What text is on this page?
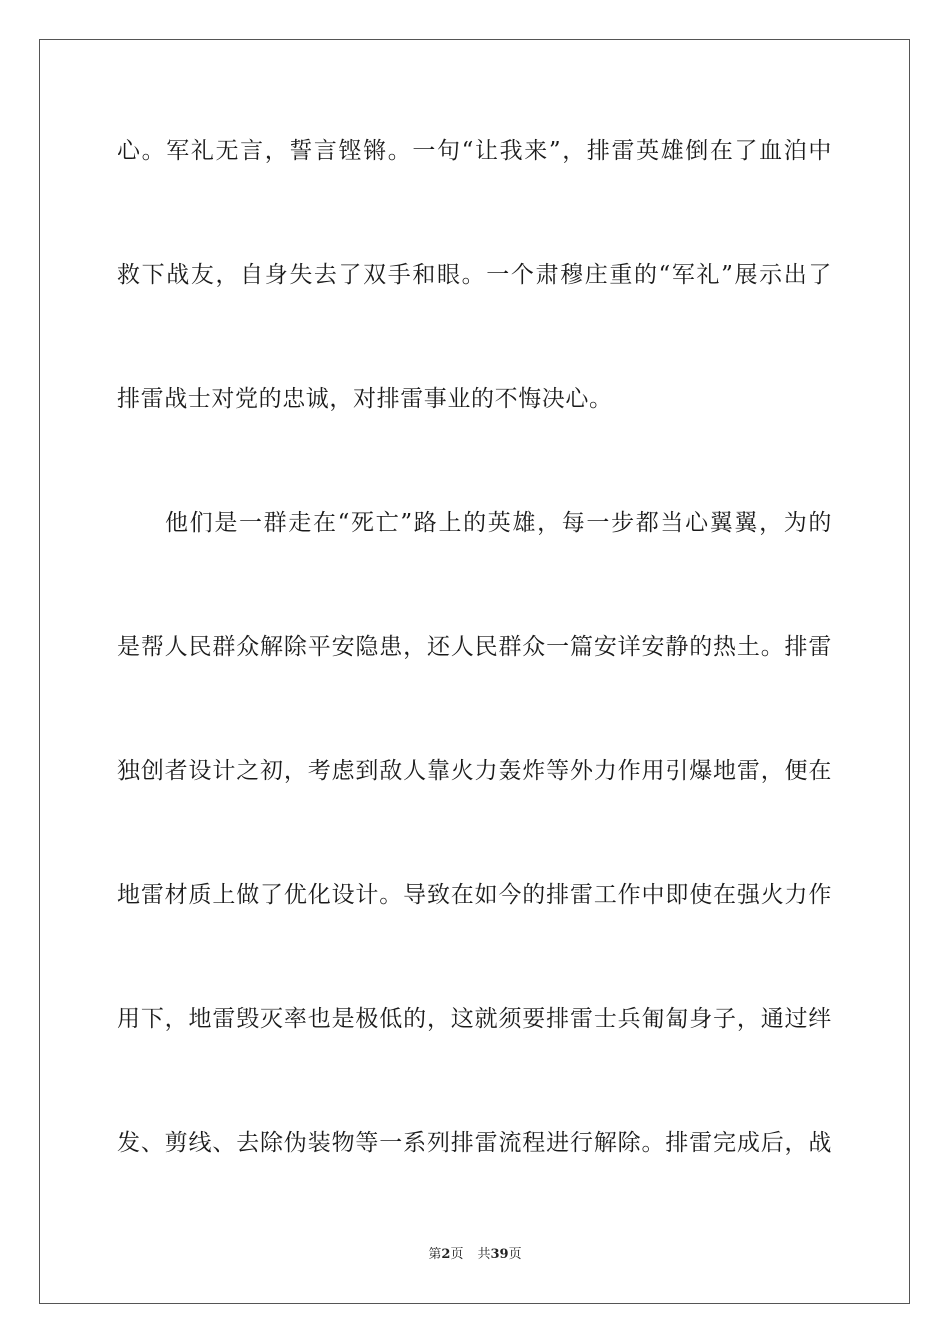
心。军礼无言，誓言铿锵。一句“让我来”，排雷英雄倒在了血泊中
救下战友，自身失去了双手和眼。一个肃穆庄重的“军礼”展示出了
排雷战士对党的忠诚，对排雷事业的不悔决心。
他们是一群走在“死亡”路上的英雄，每一步都当心翼翼，为的
是帮人民群众解除平安隐患，还人民群众一篇安详安静的热土。排雷
独创者设计之初，考虑到敌人靠火力轰炸等外力作用引爆地雷，便在
地雷材质上做了优化设计。导致在如今的排雷工作中即使在强火力作
用下，地雷毁灭率也是极低的，这就须要排雷士兵匍匐身子，通过绊
发、剪线、去除伪装物等一系列排雷流程进行解除。排雷完成后，战
第2页 共39页
